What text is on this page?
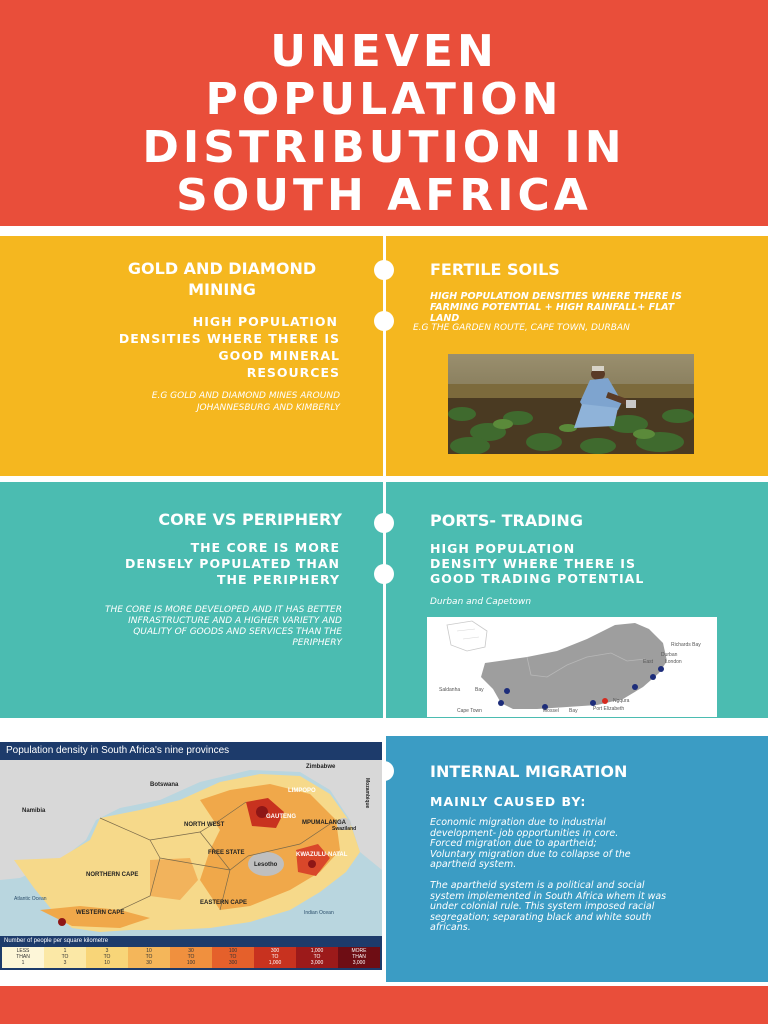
UNEVEN
POPULATION
DISTRIBUTION IN
SOUTH AFRICA
GOLD AND DIAMOND
MINING
HIGH POPULATION
DENSITIES WHERE THERE IS
GOOD MINERAL
RESOURCES
E.G GOLD AND DIAMOND MINES AROUND
JOHANNESBURG AND KIMBERLY
FERTILE SOILS
HIGH POPULATION DENSITIES WHERE THERE IS
FARMING POTENTIAL + HIGH RAINFALL+ FLAT
LAND
E.G THE GARDEN ROUTE, CAPE TOWN, DURBAN
CORE VS PERIPHERY
THE CORE IS MORE
DENSELY POPULATED THAN
THE PERIPHERY
THE CORE IS MORE DEVELOPED AND IT HAS BETTER
INFRASTRUCTURE AND A HIGHER VARIETY AND
QUALITY OF GOODS AND SERVICES THAN THE
PERIPHERY
PORTS- TRADING
HIGH POPULATION
DENSITY WHERE THERE IS
GOOD TRADING POTENTIAL
Durban and Capetown
Richards Bay
Durban
East London
Saldanha	Bay
Cape Town	Mossel Bay
Ngqura
Port Elizabeth
Population density in South Africa's nine provinces
Zimbabwe
Botswana
Namibia
Mozambique
LIMPOPO
NORTH WEST
GAUTENG
MPUMALANGA
Swaziland
FREE STATE
Lesotho
KWAZULU-NATAL
NORTHERN CAPE
EASTERN CAPE
WESTERN CAPE
Atlantic Ocean
Indian Ocean
Number of people per square kilometre
LESS
THAN
1
1
TO
3
3
TO
10
10
TO
30
30
TO
100
100
TO
300
300
TO
1,000
1,000
TO
3,000
MORE
THAN
3,000
INTERNAL MIGRATION
MAINLY CAUSED BY:
Economic migration due to industrial
development- job opportunities in core.
Forced migration due to apartheid;
Voluntary migration due to collapse of the
apartheid system.
The apartheid system is a political and social
system implemented in South Africa whem it was
under colonial rule. This system imposed racial
segregation; separating black and white south
africans.
